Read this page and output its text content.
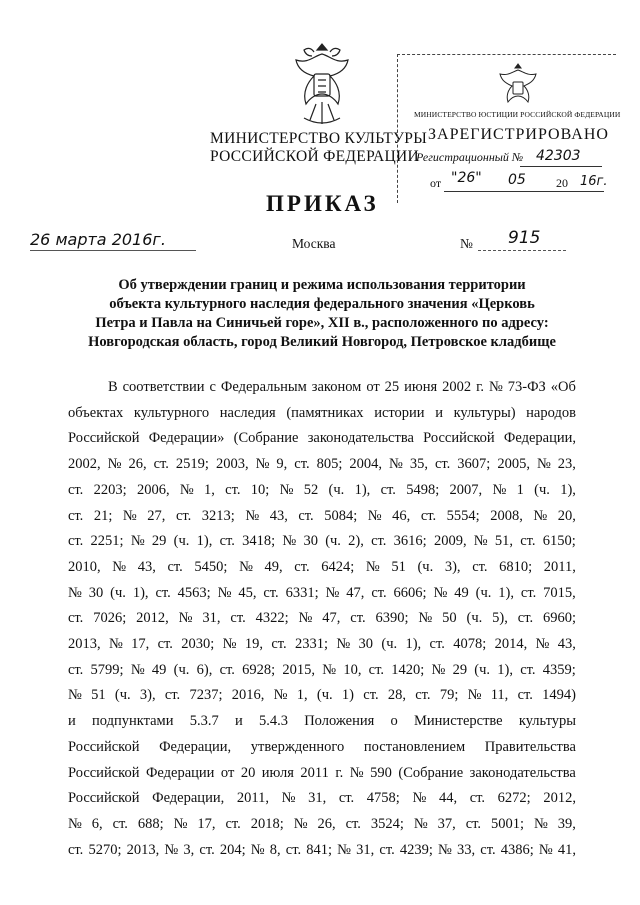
МИНИСТЕРСТВО КУЛЬТУРЫ
РОССИЙСКОЙ ФЕДЕРАЦИИ
МИНИСТЕРСТВО ЮСТИЦИИ РОССИЙСКОЙ ФЕДЕРАЦИИ
ЗАРЕГИСТРИРОВАНО
Регистрационный № 42303
от "26" 05	20 16г.
ПРИКАЗ
26 марта 2016г.	Москва	№ 915
Об утверждении границ и режима использования территории
объекта культурного наследия федерального значения «Церковь
Петра и Павла на Синичьей горе», XII в., расположенного по адресу:
Новгородская область, город Великий Новгород, Петровское кладбище
В соответствии с Федеральным законом от 25 июня 2002 г. № 73-ФЗ «Об
объектах культурного наследия (памятниках истории и культуры) народов
Российской Федерации» (Собрание законодательства Российской Федерации,
2002, № 26, ст. 2519; 2003, № 9, ст. 805; 2004, № 35, ст. 3607; 2005, № 23,
ст. 2203; 2006, № 1, ст. 10; № 52 (ч. 1), ст. 5498; 2007, № 1 (ч. 1),
ст. 21; № 27, ст. 3213; № 43, ст. 5084; № 46, ст. 5554; 2008, № 20,
ст. 2251; № 29 (ч. 1), ст. 3418; № 30 (ч. 2), ст. 3616; 2009, № 51, ст. 6150;
2010, № 43, ст. 5450; № 49, ст. 6424; № 51 (ч. 3), ст. 6810; 2011,
№ 30 (ч. 1), ст. 4563; № 45, ст. 6331; № 47, ст. 6606; № 49 (ч. 1), ст. 7015,
ст. 7026; 2012, № 31, ст. 4322; № 47, ст. 6390; № 50 (ч. 5), ст. 6960;
2013, № 17, ст. 2030; № 19, ст. 2331; № 30 (ч. 1), ст. 4078; 2014, № 43,
ст. 5799; № 49 (ч. 6), ст. 6928; 2015, № 10, ст. 1420; № 29 (ч. 1), ст. 4359;
№ 51 (ч. 3), ст. 7237; 2016, № 1, (ч. 1) ст. 28, ст. 79; № 11, ст. 1494)
и подпунктами 5.3.7 и 5.4.3 Положения о Министерстве культуры
Российской Федерации, утвержденного постановлением Правительства
Российской Федерации от 20 июля 2011 г. № 590 (Собрание законодательства
Российской Федерации, 2011, № 31, ст. 4758; № 44, ст. 6272; 2012,
№ 6, ст. 688; № 17, ст. 2018; № 26, ст. 3524; № 37, ст. 5001; № 39,
ст. 5270; 2013, № 3, ст. 204; № 8, ст. 841; № 31, ст. 4239; № 33, ст. 4386; № 41,
